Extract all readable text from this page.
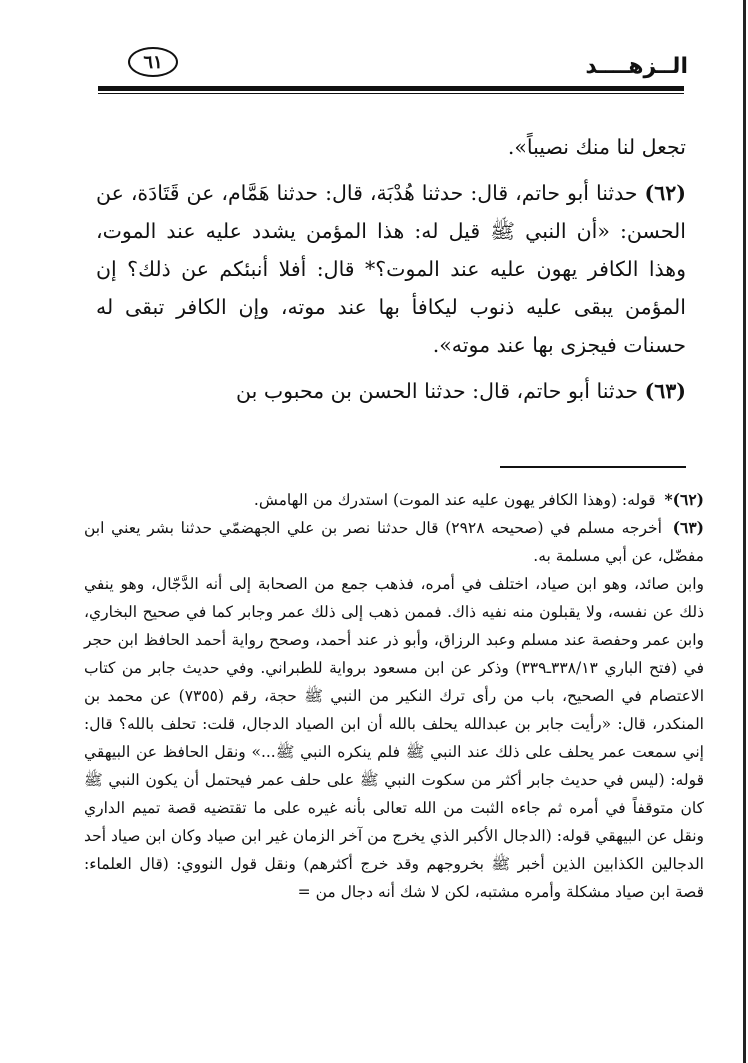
الــزهــــد
٦١

تجعل لنا منك نصيباً».

(٦٢) حدثنا أبو حاتم، قال: حدثنا هُدْبَة، قال: حدثنا هَمَّام، عن قَتَادَة، عن الحسن: «أن النبي ﷺ قيل له: هذا المؤمن يشدد عليه عند الموت، وهذا الكافر يهون عليه عند الموت؟* قال: أفلا أنبئكم عن ذلك؟ إن المؤمن يبقى عليه ذنوب ليكافأ بها عند موته، وإن الكافر تبقى له حسنات فيجزى بها عند موته».

(٦٣) حدثنا أبو حاتم، قال: حدثنا الحسن بن محبوب بن

(٦٢)* قوله: (وهذا الكافر يهون عليه عند الموت) استدرك من الهامش.

(٦٣) أخرجه مسلم في (صحيحه ٢٩٢٨) قال حدثنا نصر بن علي الجهضمّي حدثنا بشر يعني ابن مفضّل، عن أبي مسلمة به.

وابن صائد، وهو ابن صياد، اختلف في أمره، فذهب جمع من الصحابة إلى أنه الدَّجّال، وهو ينفي ذلك عن نفسه، ولا يقبلون منه نفيه ذاك. فممن ذهب إلى ذلك عمر وجابر كما في صحيح البخاري، وابن عمر وحفصة عند مسلم وعبد الرزاق، وأبو ذر عند أحمد، وصحح رواية أحمد الحافظ ابن حجر في (فتح الباري ٣٣٨/١٣ـ٣٣٩) وذكر عن ابن مسعود برواية للطبراني. وفي حديث جابر من كتاب الاعتصام في الصحيح، باب من رأى ترك النكير من النبي ﷺ حجة، رقم (٧٣٥٥) عن محمد بن المنكدر، قال: «رأيت جابر بن عبدالله يحلف بالله أن ابن الصياد الدجال، قلت: تحلف بالله؟ قال: إني سمعت عمر يحلف على ذلك عند النبي ﷺ فلم ينكره النبي ﷺ...» ونقل الحافظ عن البيهقي قوله: (ليس في حديث جابر أكثر من سكوت النبي ﷺ على حلف عمر فيحتمل أن يكون النبي ﷺ كان متوقفاً في أمره ثم جاءه الثبت من الله تعالى بأنه غيره على ما تقتضيه قصة تميم الداري ونقل عن البيهقي قوله: (الدجال الأكبر الذي يخرج من آخر الزمان غير ابن صياد وكان ابن صياد أحد الدجالين الكذابين الذين أخبر ﷺ بخروجهم وقد خرج أكثرهم) ونقل قول النووي: (قال العلماء: قصة ابن صياد مشكلة وأمره مشتبه، لكن لا شك أنه دجال من =
